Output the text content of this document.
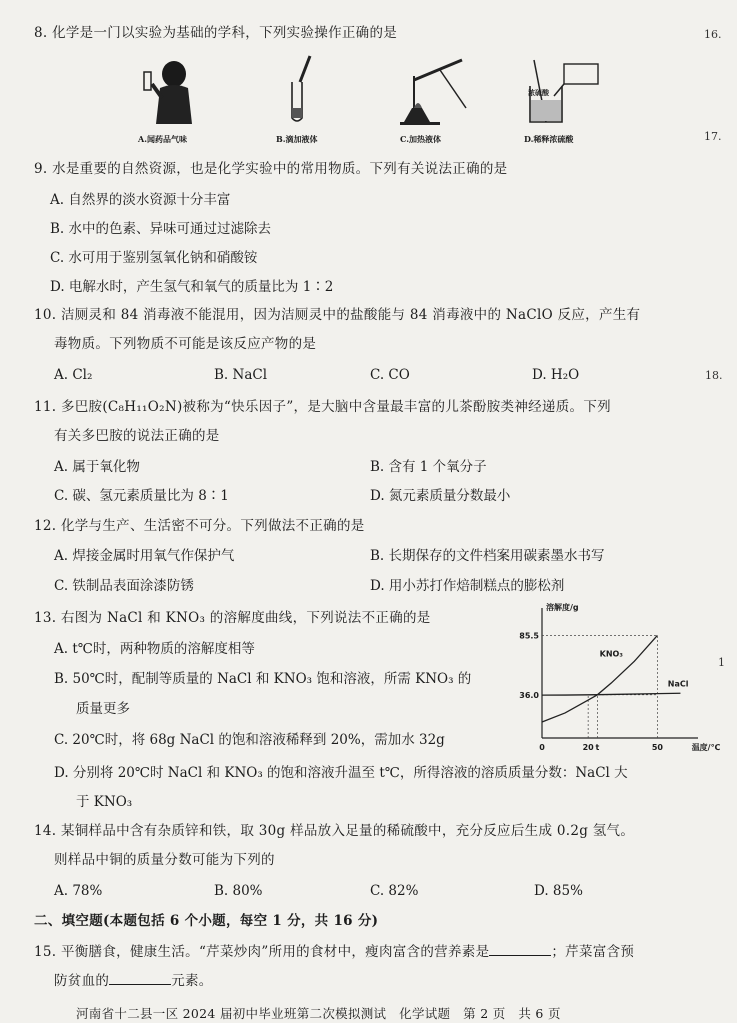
16.
17.
18.
1
8. 化学是一门以实验为基础的学科，下列实验操作正确的是
浓硫酸
A.闻药品气味	B.滴加液体	C.加热液体	D.稀释浓硫酸
9. 水是重要的自然资源，也是化学实验中的常用物质。下列有关说法正确的是
A. 自然界的淡水资源十分丰富
B. 水中的色素、异味可通过过滤除去
C. 水可用于鉴别氢氧化钠和硝酸铵
D. 电解水时，产生氢气和氧气的质量比为 1∶2
10. 洁厕灵和 84 消毒液不能混用，因为洁厕灵中的盐酸能与 84 消毒液中的 NaClO 反应，产生有
毒物质。下列物质不可能是该反应产物的是
A. Cl₂	B. NaCl	C. CO	D. H₂O
11. 多巴胺(C₈H₁₁O₂N)被称为“快乐因子”，是大脑中含量最丰富的儿茶酚胺类神经递质。下列
有关多巴胺的说法正确的是
A. 属于氧化物	B. 含有 1 个氧分子
C. 碳、氢元素质量比为 8∶1	D. 氮元素质量分数最小
12. 化学与生产、生活密不可分。下列做法不正确的是
A. 焊接金属时用氧气作保护气	B. 长期保存的文件档案用碳素墨水书写
C. 铁制品表面涂漆防锈	D. 用小苏打作焙制糕点的膨松剂
13. 右图为 NaCl 和 KNO₃ 的溶解度曲线，下列说法不正确的是
A. t℃时，两种物质的溶解度相等
B. 50℃时，配制等质量的 NaCl 和 KNO₃ 饱和溶液，所需 KNO₃ 的
质量更多
C. 20℃时，将 68g NaCl 的饱和溶液稀释到 20%，需加水 32g
D. 分别将 20℃时 NaCl 和 KNO₃ 的饱和溶液升温至 t℃，所得溶液的溶质质量分数：NaCl 大
于 KNO₃
溶解度/g
温度/℃
85.5
36.0
0	20 t	50
KNO₃
NaCl
14. 某铜样品中含有杂质锌和铁，取 30g 样品放入足量的稀硫酸中，充分反应后生成 0.2g 氢气。
则样品中铜的质量分数可能为下列的
A. 78%	B. 80%	C. 82%	D. 85%
二、填空题(本题包括 6 个小题，每空 1 分，共 16 分)
15. 平衡膳食，健康生活。“芹菜炒肉”所用的食材中，瘦肉富含的营养素是	；芹菜富含预
防贫血的	元素。
河南省十二县一区 2024 届初中毕业班第二次模拟测试　化学试题　第 2 页　共 6 页
